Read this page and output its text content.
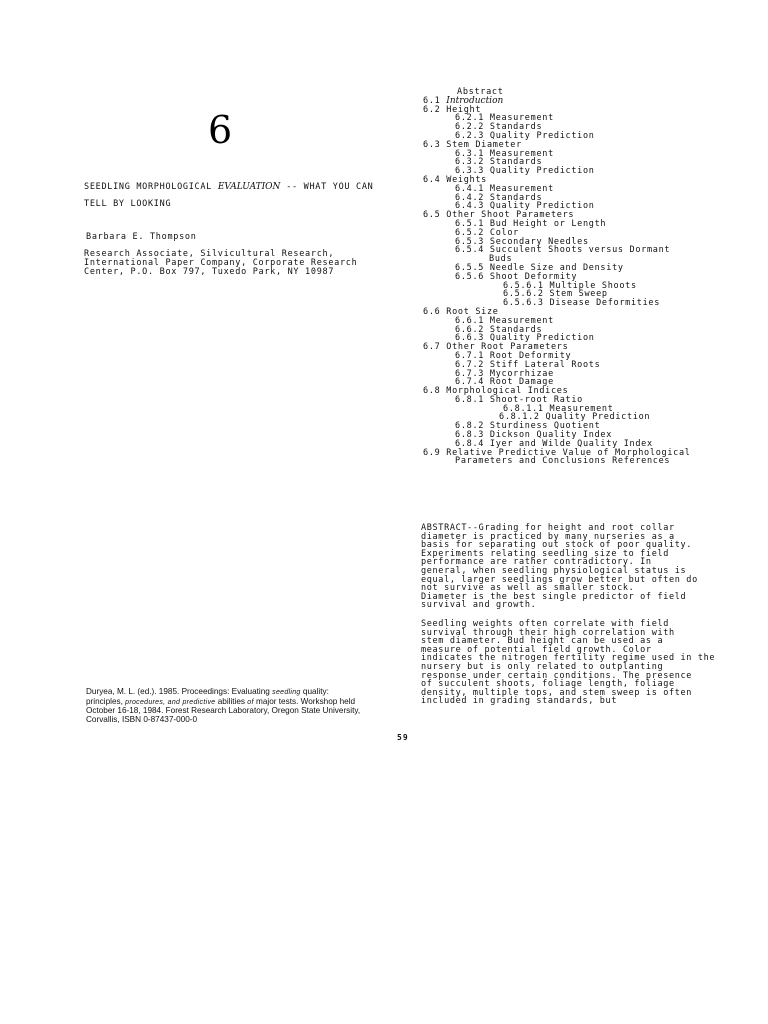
6
SEEDLING MORPHOLOGICAL EVALUATION -- WHAT YOU CAN
TELL BY LOOKING
Barbara E. Thompson
Research Associate, Silvicultural Research,
International Paper Company, Corporate Research
Center, P.O. Box 797, Tuxedo Park, NY 10987
Abstract
6.1 Introduction
6.2 Height
6.2.1 Measurement
6.2.2 Standards
6.2.3 Quality Prediction
6.3 Stem Diameter
6.3.1 Measurement
6.3.2 Standards
6.3.3 Quality Prediction
6.4 Weights
6.4.1 Measurement
6.4.2 Standards
6.4.3 Quality Prediction
6.5 Other Shoot Parameters
6.5.1 Bud Height or Length
6.5.2 Color
6.5.3 Secondary Needles
6.5.4 Succulent Shoots versus Dormant
Buds
6.5.5 Needle Size and Density
6.5.6 Shoot Deformity
6.5.6.1 Multiple Shoots
6.5.6.2 Stem Sweep
6.5.6.3 Disease Deformities
6.6 Root Size
6.6.1 Measurement
6.6.2 Standards
6.6.3 Quality Prediction
6.7 Other Root Parameters
6.7.1 Root Deformity
6.7.2 Stiff Lateral Roots
6.7.3 Mycorrhizae
6.7.4 Root Damage
6.8 Morphological Indices
6.8.1 Shoot-root Ratio
6.8.1.1 Measurement
6.8.1.2 Quality Prediction
6.8.2 Sturdiness Quotient
6.8.3 Dickson Quality Index
6.8.4 Iyer and Wilde Quality Index
6.9 Relative Predictive Value of Morphological
Parameters and Conclusions References
ABSTRACT--Grading for height and root collar
diameter is practiced by many nurseries as a
basis for separating out stock of poor quality.
Experiments relating seedling size to field
performance are rather contradictory. In
general, when seedling physiological status is
equal, larger seedlings grow better but often do
not survive as well as smaller stock.
Diameter is the best single predictor of field
survival and growth.
Seedling weights often correlate with field
survival through their high correlation with
stem diameter. Bud height can be used as a
measure of potential field growth. Color
indicates the nitrogen fertility regime used in the
nursery but is only related to outplanting
response under certain conditions. The presence
of succulent shoots, foliage length, foliage
density, multiple tops, and stem sweep is often
included in grading standards, but
Duryea, M. L. (ed.). 1985. Proceedings: Evaluating seedling quality:
principles, procedures, and predictive abilities of major tests. Workshop held
October 16-18, 1984. Forest Research Laboratory, Oregon State University,
Corvallis, ISBN 0-87437-000-0
59
